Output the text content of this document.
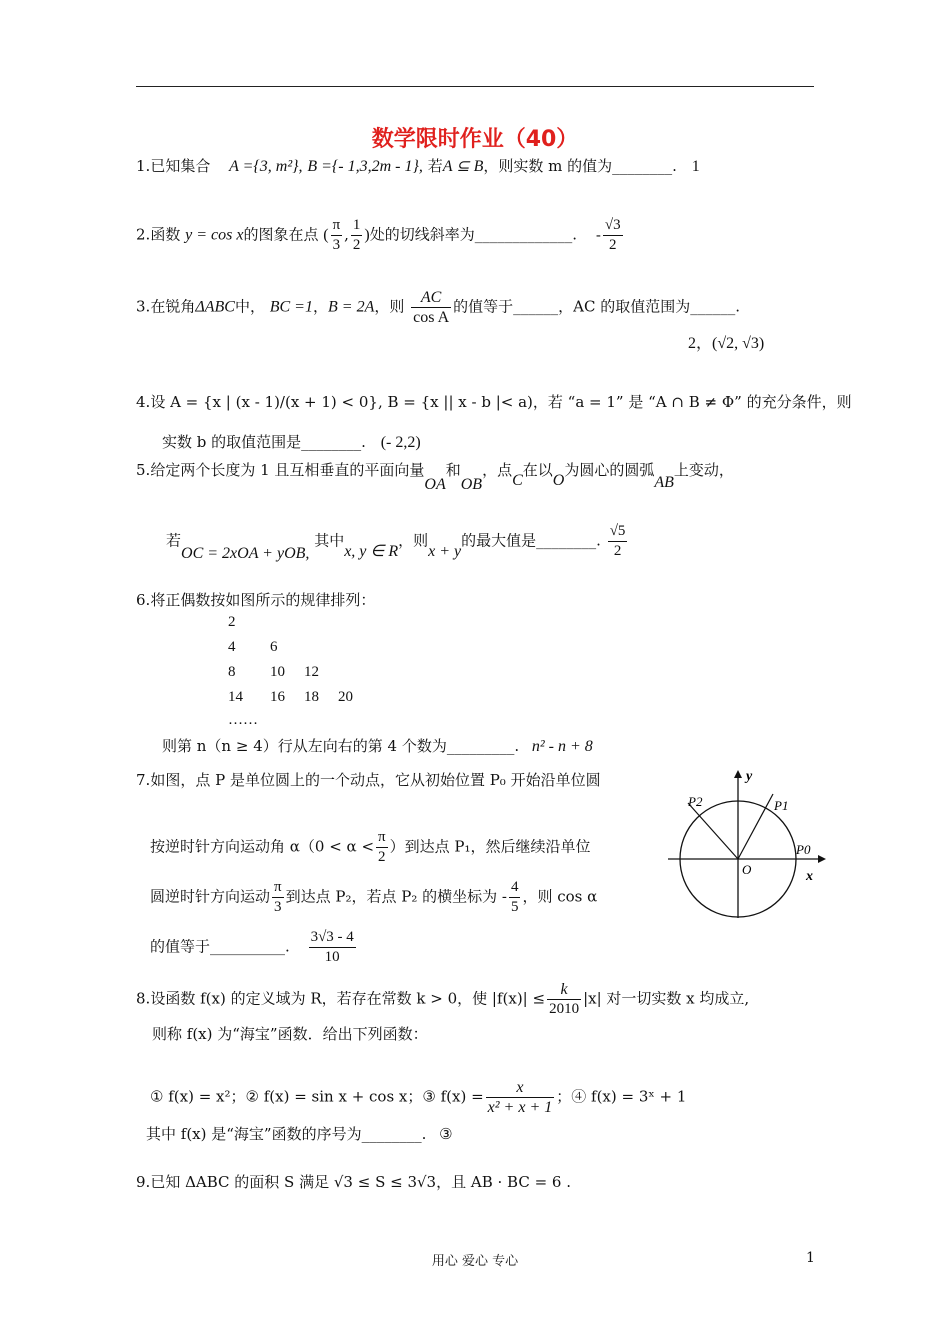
数学限时作业（40）
1.已知集合 A ={3, m²}, B ={- 1,3,2m - 1}, 若A ⊆ B，则实数 m 的值为________. 1
2.函数 y = cos x的图象在点 ( $\frac{\pi}{3}$ , $\frac{1}{2}$ )处的切线斜率为_____________. - $\frac{√3}{2}$
3.在锐角ΔABC中， BC =1，B = 2A，则 $\frac{AC}{\text{cos A}}$ 的值等于______，AC 的取值范围为______.
2，(√2, √3)
4.设 A = {x | (x - 1)/(x + 1) < 0}, B = {x || x - b |< a)，若 “a = 1” 是 “A ∩ B ≠ Φ” 的充分条件，则
实数 b 的取值范围是________. (- 2,2)
5.给定两个长度为 1 且互相垂直的平面向量OA和OB，点C在以O为圆心的圆弧AB上变动，
若OC = 2xOA + yOB, 其中x, y ∈ R，则x + y的最大值是________. $\frac{√5}{2}$
6.将正偶数按如图所示的规律排列：
2
4 6
8 10 12
14 16 18 20
……
则第 n（n ≥ 4）行从左向右的第 4 个数为_________. n² - n + 8
7.如图，点 P 是单位圆上的一个动点，它从初始位置 P₀ 开始沿单位圆
按逆时针方向运动角 $\alpha(0 < \alpha < \frac{\pi}{2}$ ）到达点 P₁，然后继续沿单位
圆逆时针方向运动 $\frac{\pi}{3}$ 到达点 P₂，若点 P₂ 的横坐标为 - $\frac{4}{5}$ ，则 cos α
的值等于__________. $\frac{3√3 - 4}{10}$
y
x
O
P0
P1
P2
8.设函数 f(x) 的定义域为 R，若存在常数 k > 0，使 $|f(x)| \le \frac{k}{2010} |x|$ 对一切实数 x 均成立,
则称 f(x) 为“海宝”函数．给出下列函数：
① f(x) = x²；② f(x) = sin x + cos x；③ $f(x) = \frac{x}{\text{x² + x + 1}}$ ；④ f(x) = 3ˣ + 1
其中 f(x) 是“海宝”函数的序号为________. ③
9.已知 ΔABC 的面积 S 满足 √3 ≤ S ≤ 3√3，且 AB · BC = 6 .
用心 爱心 专心	1
